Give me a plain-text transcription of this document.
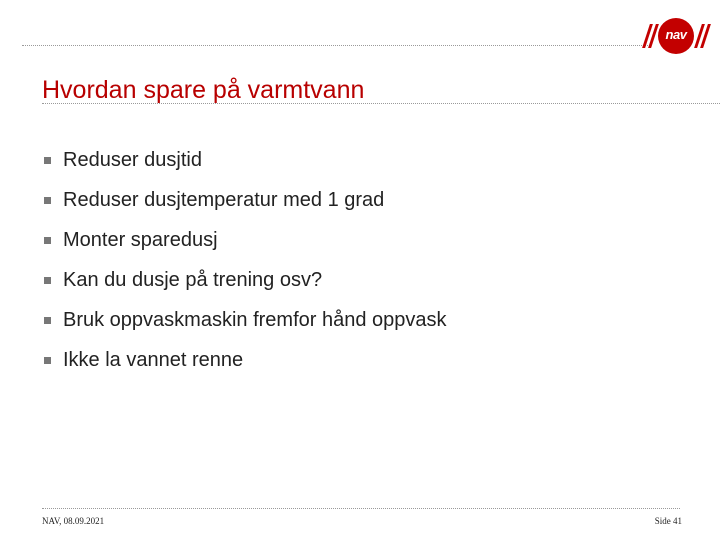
nav
Hvordan spare på varmtvann
Reduser dusjtid
Reduser dusjtemperatur med 1 grad
Monter sparedusj
Kan du dusje på trening osv?
Bruk oppvaskmaskin fremfor hånd oppvask
Ikke la vannet renne
NAV, 08.09.2021	Side 41
